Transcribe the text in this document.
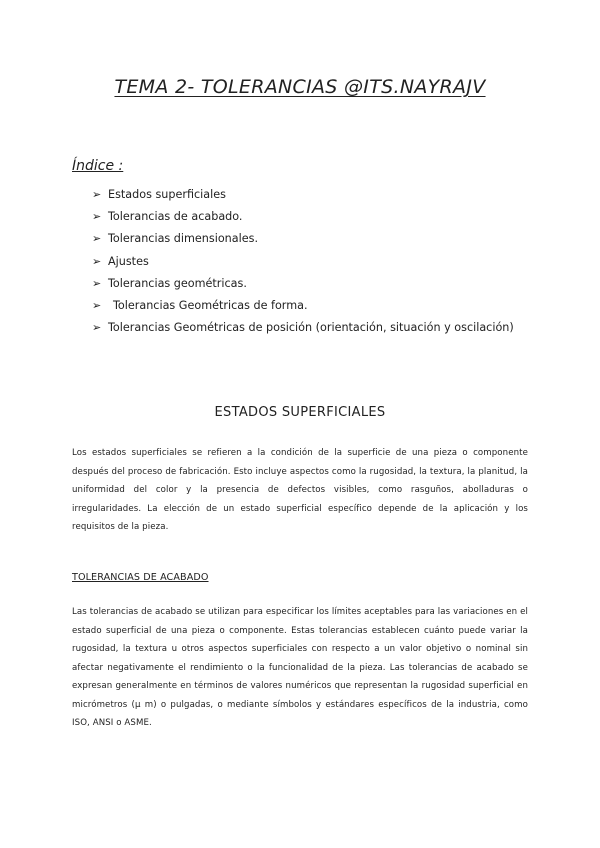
TEMA 2- TOLERANCIAS @ITS.NAYRAJV
Índice :
➢ Estados superficiales
➢ Tolerancias de acabado.
➢ Tolerancias dimensionales.
➢ Ajustes
➢ Tolerancias geométricas.
➢	Tolerancias Geométricas de forma.
➢ Tolerancias Geométricas de posición (orientación, situación y oscilación)
ESTADOS SUPERFICIALES

Los estados superficiales se refieren a la condición de la superficie de una pieza o componente después del proceso de fabricación. Esto incluye aspectos como la rugosidad, la textura, la planitud, la uniformidad del color y la presencia de defectos visibles, como rasguños, abolladuras o irregularidades. La elección de un estado superficial específico depende de la aplicación y los requisitos de la pieza.

TOLERANCIAS DE ACABADO

Las tolerancias de acabado se utilizan para especificar los límites aceptables para las variaciones en el estado superficial de una pieza o componente. Estas tolerancias establecen cuánto puede variar la rugosidad, la textura u otros aspectos superficiales con respecto a un valor objetivo o nominal sin afectar negativamente el rendimiento o la funcionalidad de la pieza. Las tolerancias de acabado se expresan generalmente en términos de valores numéricos que representan la rugosidad superficial en micrómetros (µ m) o pulgadas, o mediante símbolos y estándares específicos de la industria, como ISO, ANSI o ASME.
